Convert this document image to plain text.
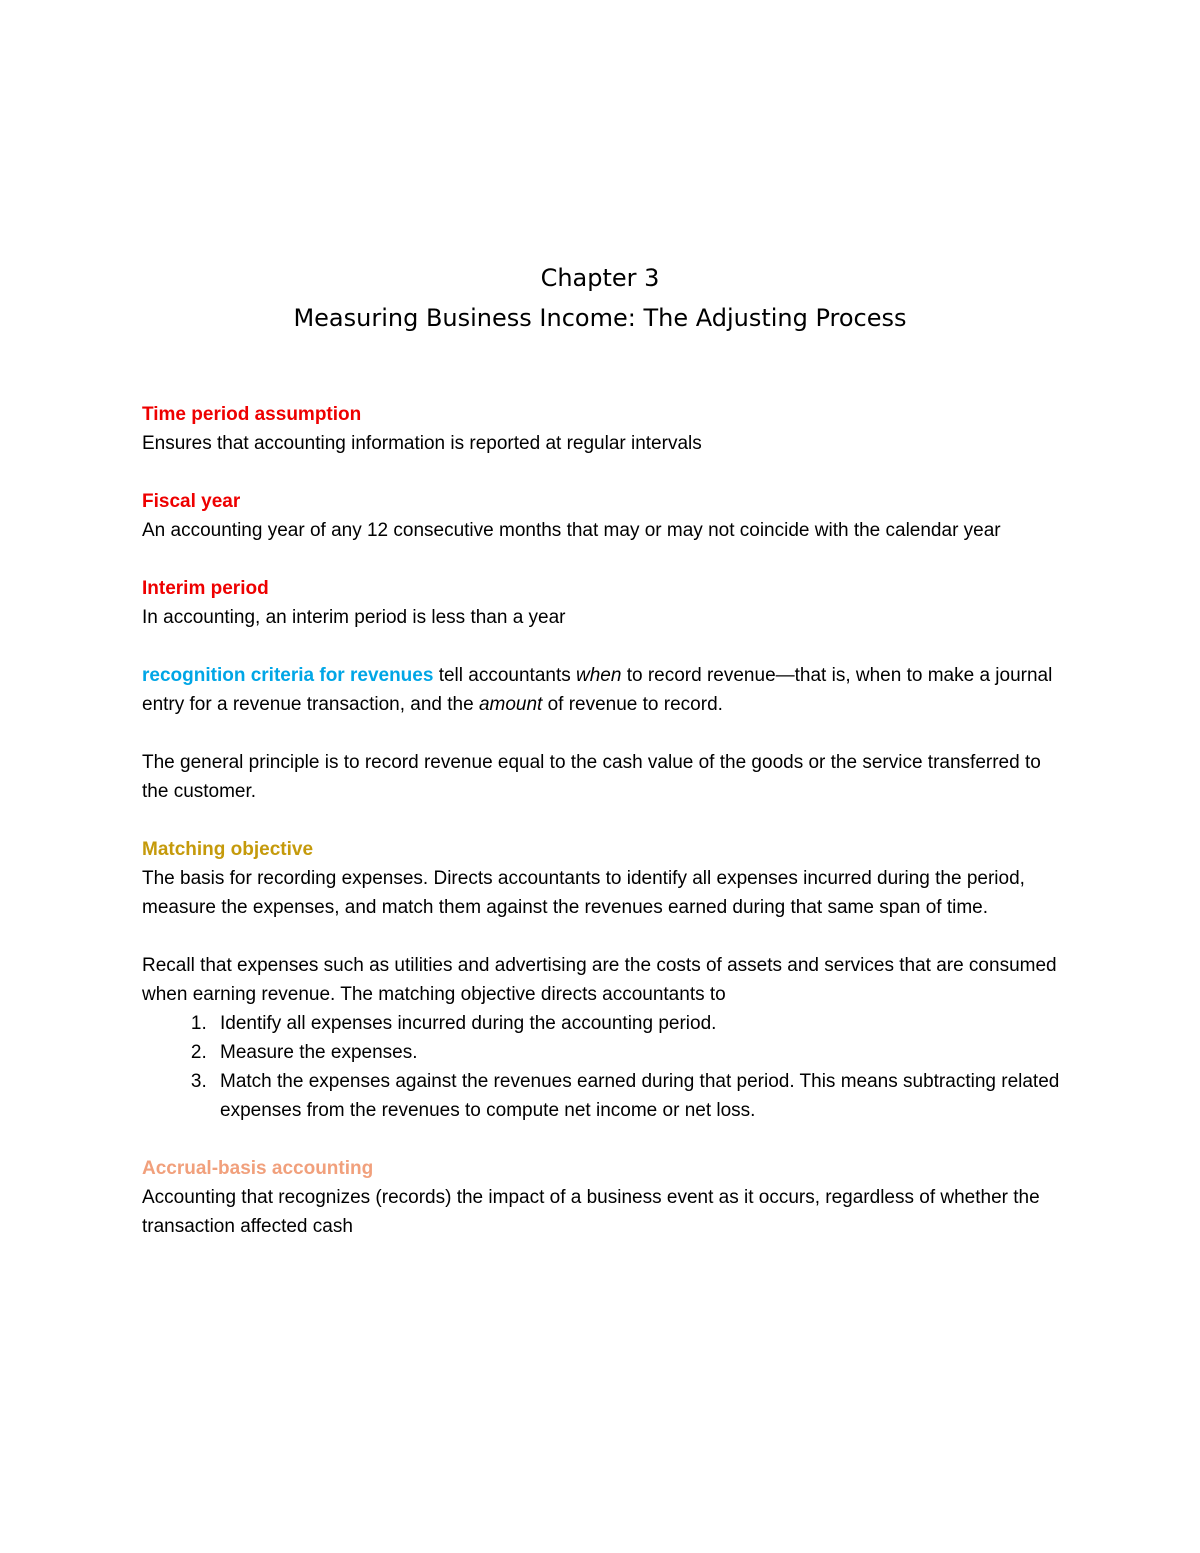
Chapter 3
Measuring Business Income: The Adjusting Process

Time period assumption

Ensures that accounting information is reported at regular intervals

Fiscal year

An accounting year of any 12 consecutive months that may or may not coincide with the calendar year

Interim period

In accounting, an interim period is less than a year

recognition criteria for revenues tell accountants when to record revenue—that is, when to make a journal entry for a revenue transaction, and the amount of revenue to record.

The general principle is to record revenue equal to the cash value of the goods or the service transferred to the customer.

Matching objective

The basis for recording expenses. Directs accountants to identify all expenses incurred during the period, measure the expenses, and match them against the revenues earned during that same span of time.

Recall that expenses such as utilities and advertising are the costs of assets and services that are consumed when earning revenue. The matching objective directs accountants to

1. Identify all expenses incurred during the accounting period.
2. Measure the expenses.
3. Match the expenses against the revenues earned during that period. This means subtracting related expenses from the revenues to compute net income or net loss.

Accrual-basis accounting

Accounting that recognizes (records) the impact of a business event as it occurs, regardless of whether the transaction affected cash
